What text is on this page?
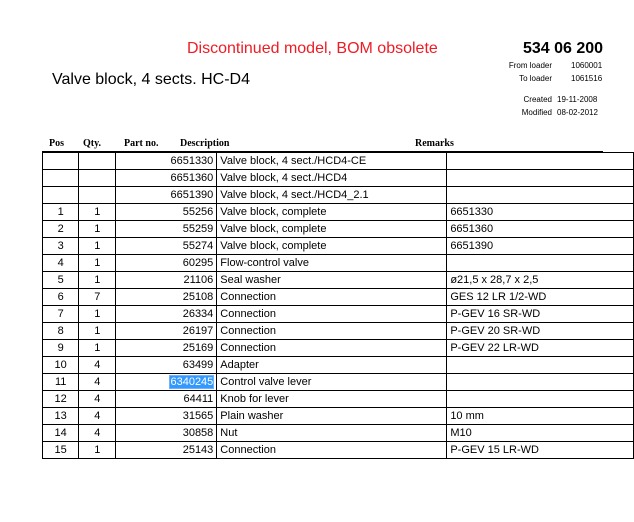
Discontinued model, BOM obsolete	534 06 200
Valve block, 4 sects. HC-D4
From loader 1060001
To loader 1061516
Created 19-11-2008
Modified 08-02-2012
Pos Qty. Part no. Description	Remarks
		6651330	Valve block, 4 sect./HCD4-CE	
		6651360	Valve block, 4 sect./HCD4	
		6651390	Valve block, 4 sect./HCD4_2.1	
1	1	55256	Valve block, complete	6651330
2	1	55259	Valve block, complete	6651360
3	1	55274	Valve block, complete	6651390
4	1	60295	Flow-control valve	
5	1	21106	Seal washer	ø21,5 x 28,7 x 2,5
6	7	25108	Connection	GES 12 LR 1/2-WD
7	1	26334	Connection	P-GEV 16 SR-WD
8	1	26197	Connection	P-GEV 20 SR-WD
9	1	25169	Connection	P-GEV 22 LR-WD
10	4	63499	Adapter	
11	4	6340245	Control valve lever	
12	4	64411	Knob for lever	
13	4	31565	Plain washer	10 mm
14	4	30858	Nut	M10
15	1	25143	Connection	P-GEV 15 LR-WD
